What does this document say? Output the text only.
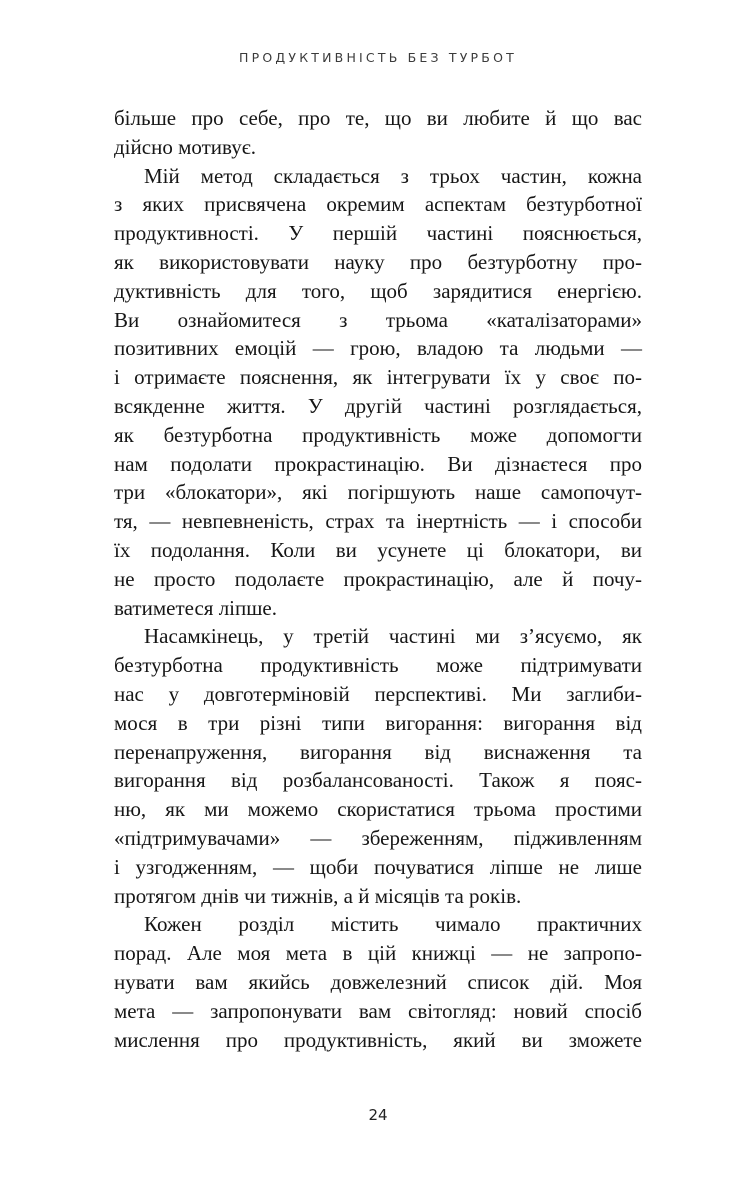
ПРОДУКТИВНІСТЬ БЕЗ ТУРБОТ
більше про себе, про те, що ви любите й що вас
дійсно мотивує.
Мій метод складається з трьох частин, кожна
з яких присвячена окремим аспектам безтурботної
продуктивності. У першій частині пояснюється,
як використовувати науку про безтурботну про-
дуктивність для того, щоб зарядитися енергією.
Ви ознайомитеся з трьома «каталізаторами»
позитивних емоцій — грою, владою та людьми —
і отримаєте пояснення, як інтегрувати їх у своє по-
всякденне життя. У другій частині розглядається,
як безтурботна продуктивність може допомогти
нам подолати прокрастинацію. Ви дізнаєтеся про
три «блокатори», які погіршують наше самопочут-
тя, — невпевненість, страх та інертність — і способи
їх подолання. Коли ви усунете ці блокатори, ви
не просто подолаєте прокрастинацію, але й почу-
ватиметеся ліпше.
Насамкінець, у третій частині ми з’ясуємо, як
безтурботна продуктивність може підтримувати
нас у довготерміновій перспективі. Ми заглиби-
мося в три різні типи вигорання: вигорання від
перенапруження, вигорання від виснаження та
вигорання від розбалансованості. Також я пояс-
ню, як ми можемо скористатися трьома простими
«підтримувачами» — збереженням, підживленням
і узгодженням, — щоби почуватися ліпше не лише
протягом днів чи тижнів, а й місяців та років.
Кожен розділ містить чимало практичних
порад. Але моя мета в цій книжці — не запропо-
нувати вам якийсь довжелезний список дій. Моя
мета — запропонувати вам світогляд: новий спосіб
мислення про продуктивність, який ви зможете
24
